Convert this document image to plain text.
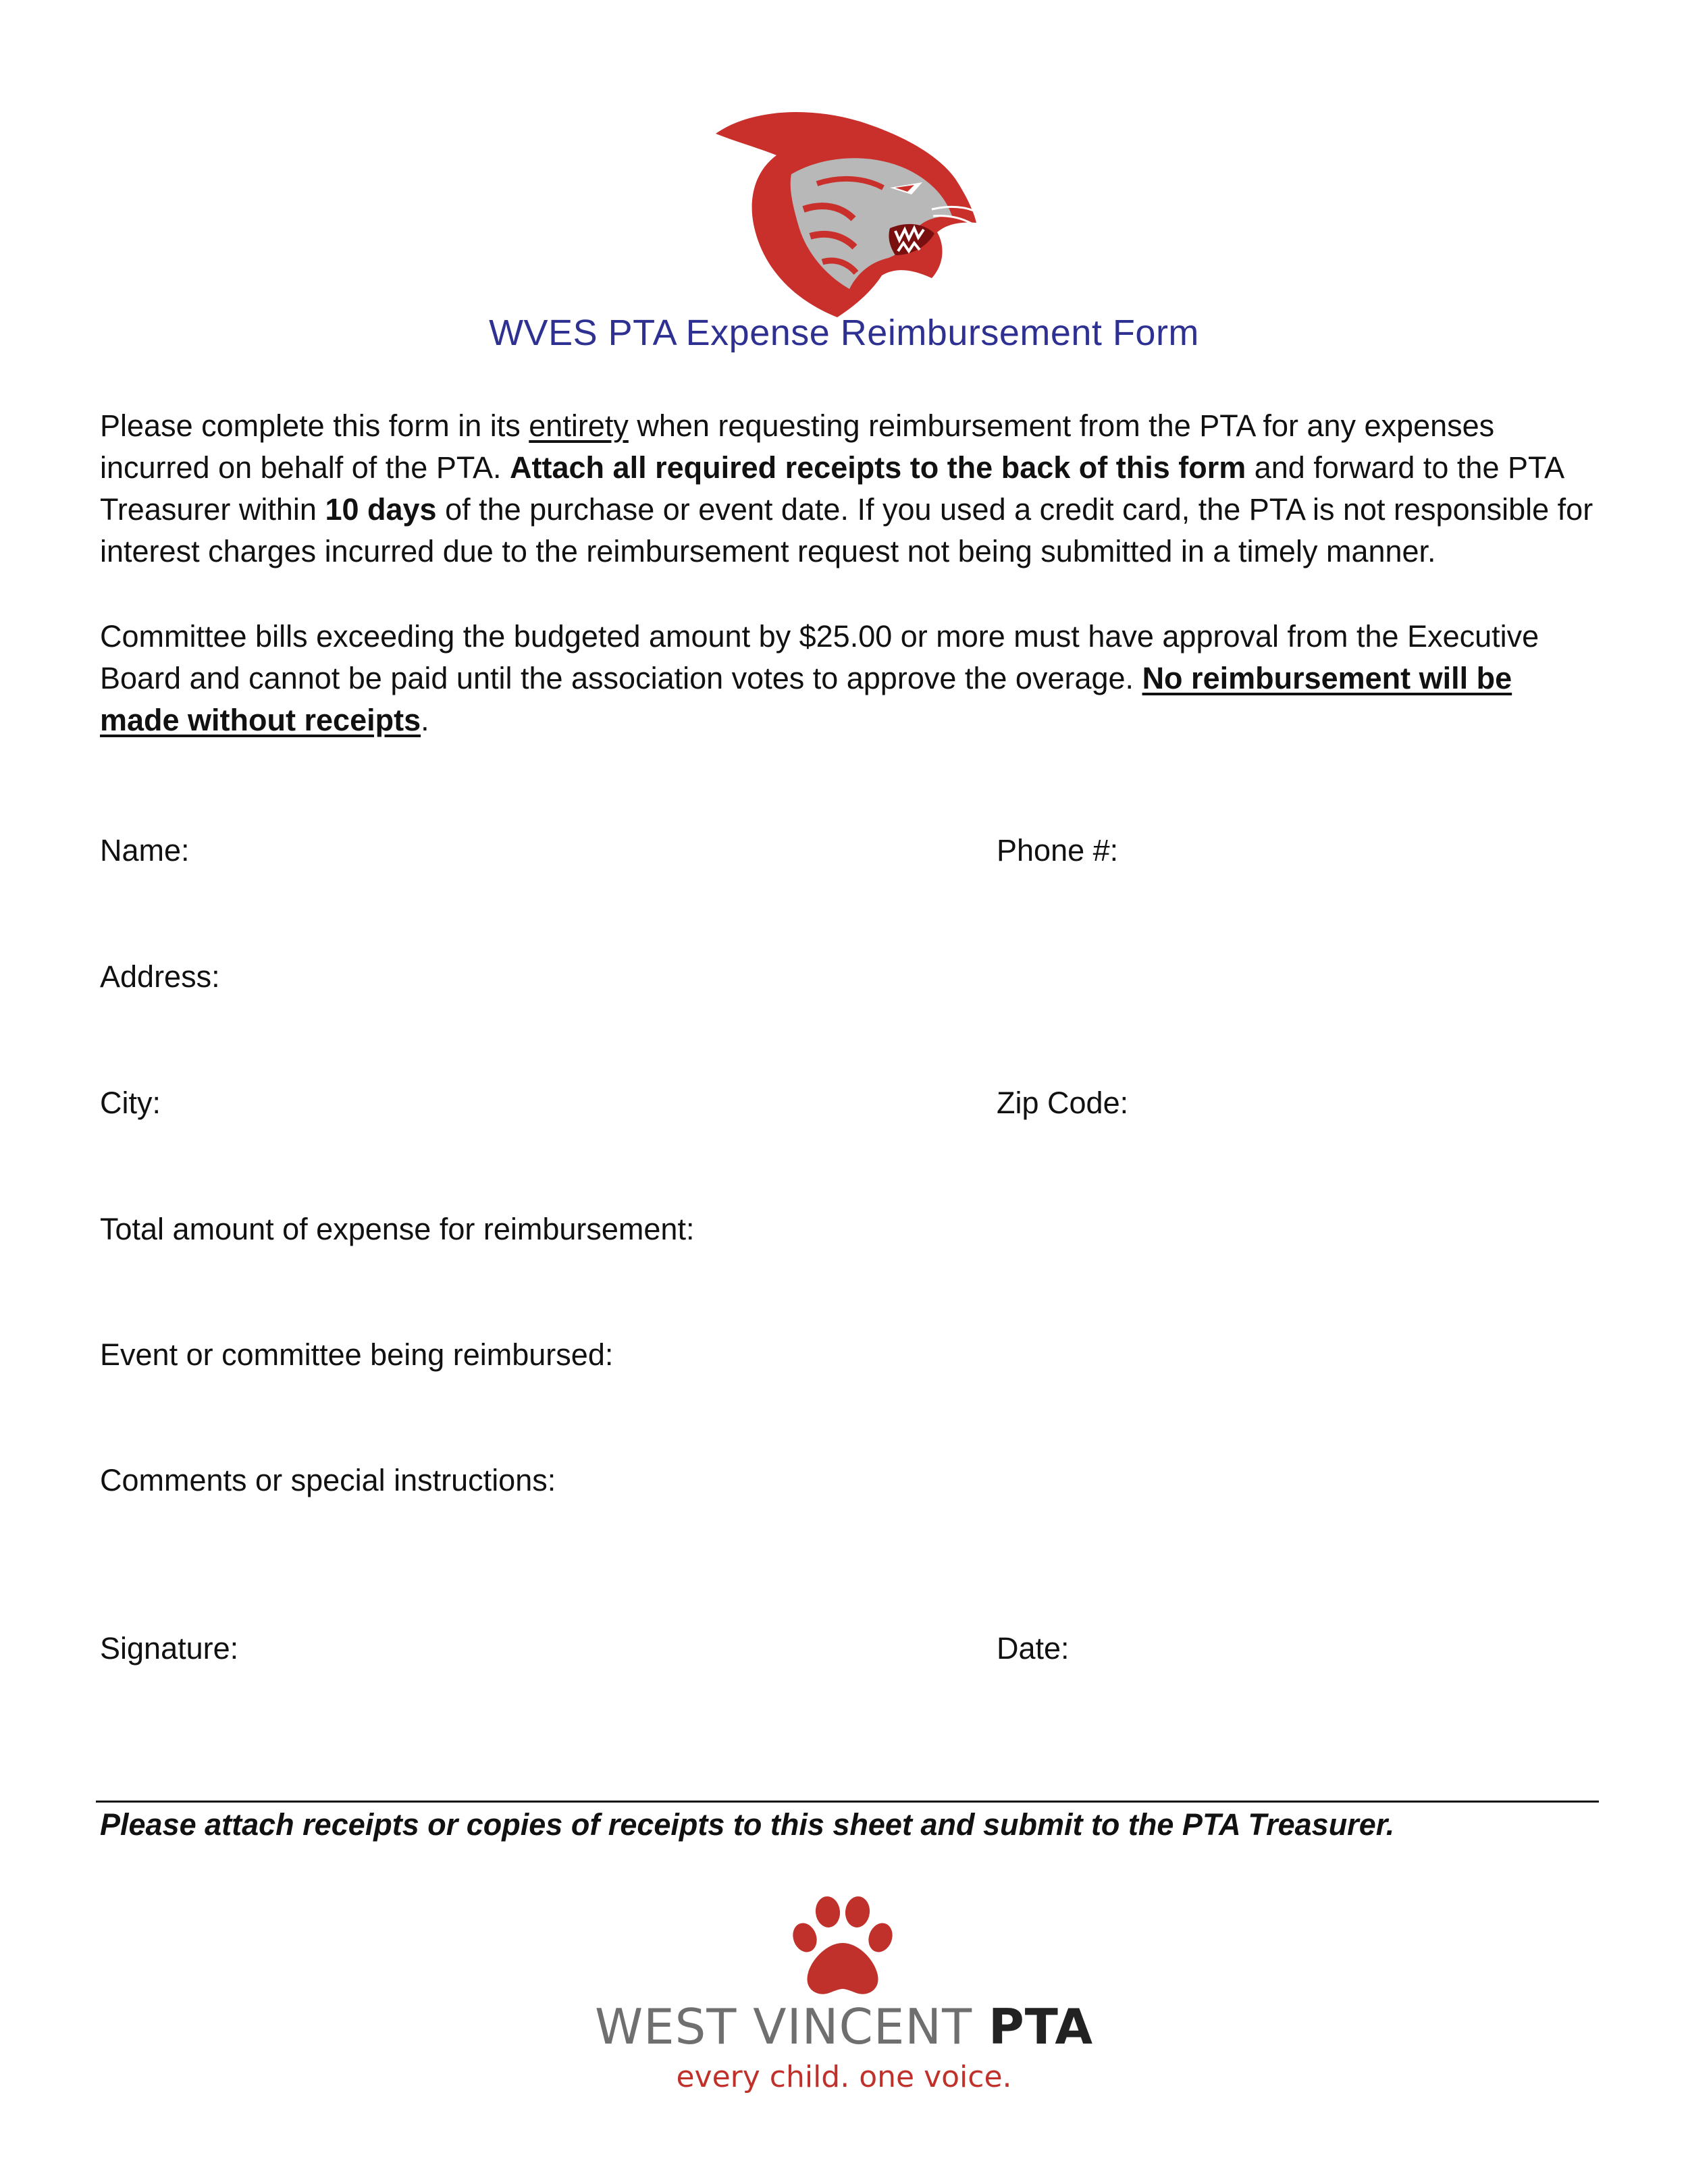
WVES PTA Expense Reimbursement Form
Please complete this form in its entirety when requesting reimbursement from the PTA for any expenses incurred on behalf of the PTA. Attach all required receipts to the back of this form and forward to the PTA Treasurer within 10 days of the purchase or event date. If you used a credit card, the PTA is not responsible for interest charges incurred due to the reimbursement request not being submitted in a timely manner.
Committee bills exceeding the budgeted amount by $25.00 or more must have approval from the Executive Board and cannot be paid until the association votes to approve the overage. No reimbursement will be made without receipts.
Name:	Phone #:
Address:
City:	Zip Code:
Total amount of expense for reimbursement:
Event or committee being reimbursed:
Comments or special instructions:
Signature:	Date:
Please attach receipts or copies of receipts to this sheet and submit to the PTA Treasurer.
WEST VINCENT PTA
every child. one voice.
